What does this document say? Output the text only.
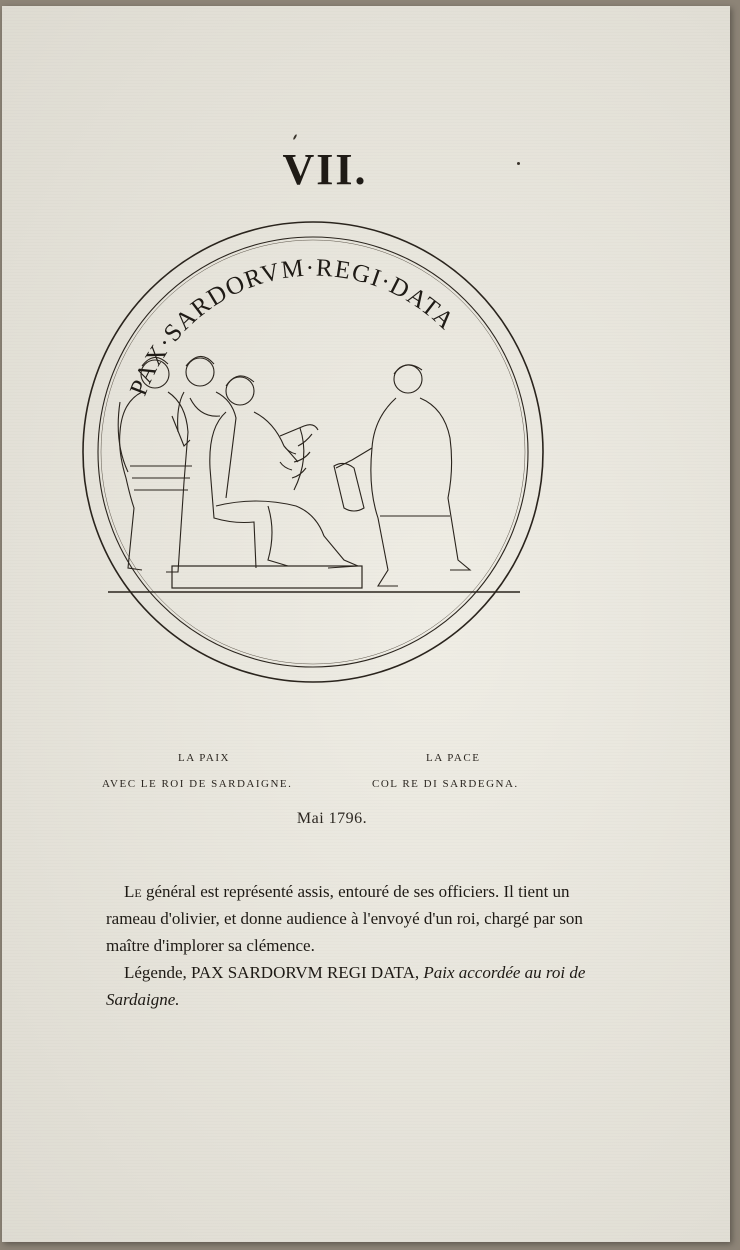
VII.
PAX·SARDORVM·REGI·DATA
LA PAIX
AVEC LE ROI DE SARDAIGNE.
LA PACE
COL RE DI SARDEGNA.
Mai 1796.

Le général est représenté assis, entouré de ses officiers. Il tient un rameau d'olivier, et donne audience à l'envoyé d'un roi, chargé par son maître d'implorer sa clémence.

Légende, PAX SARDORVM REGI DATA, Paix accordée au roi de Sardaigne.
